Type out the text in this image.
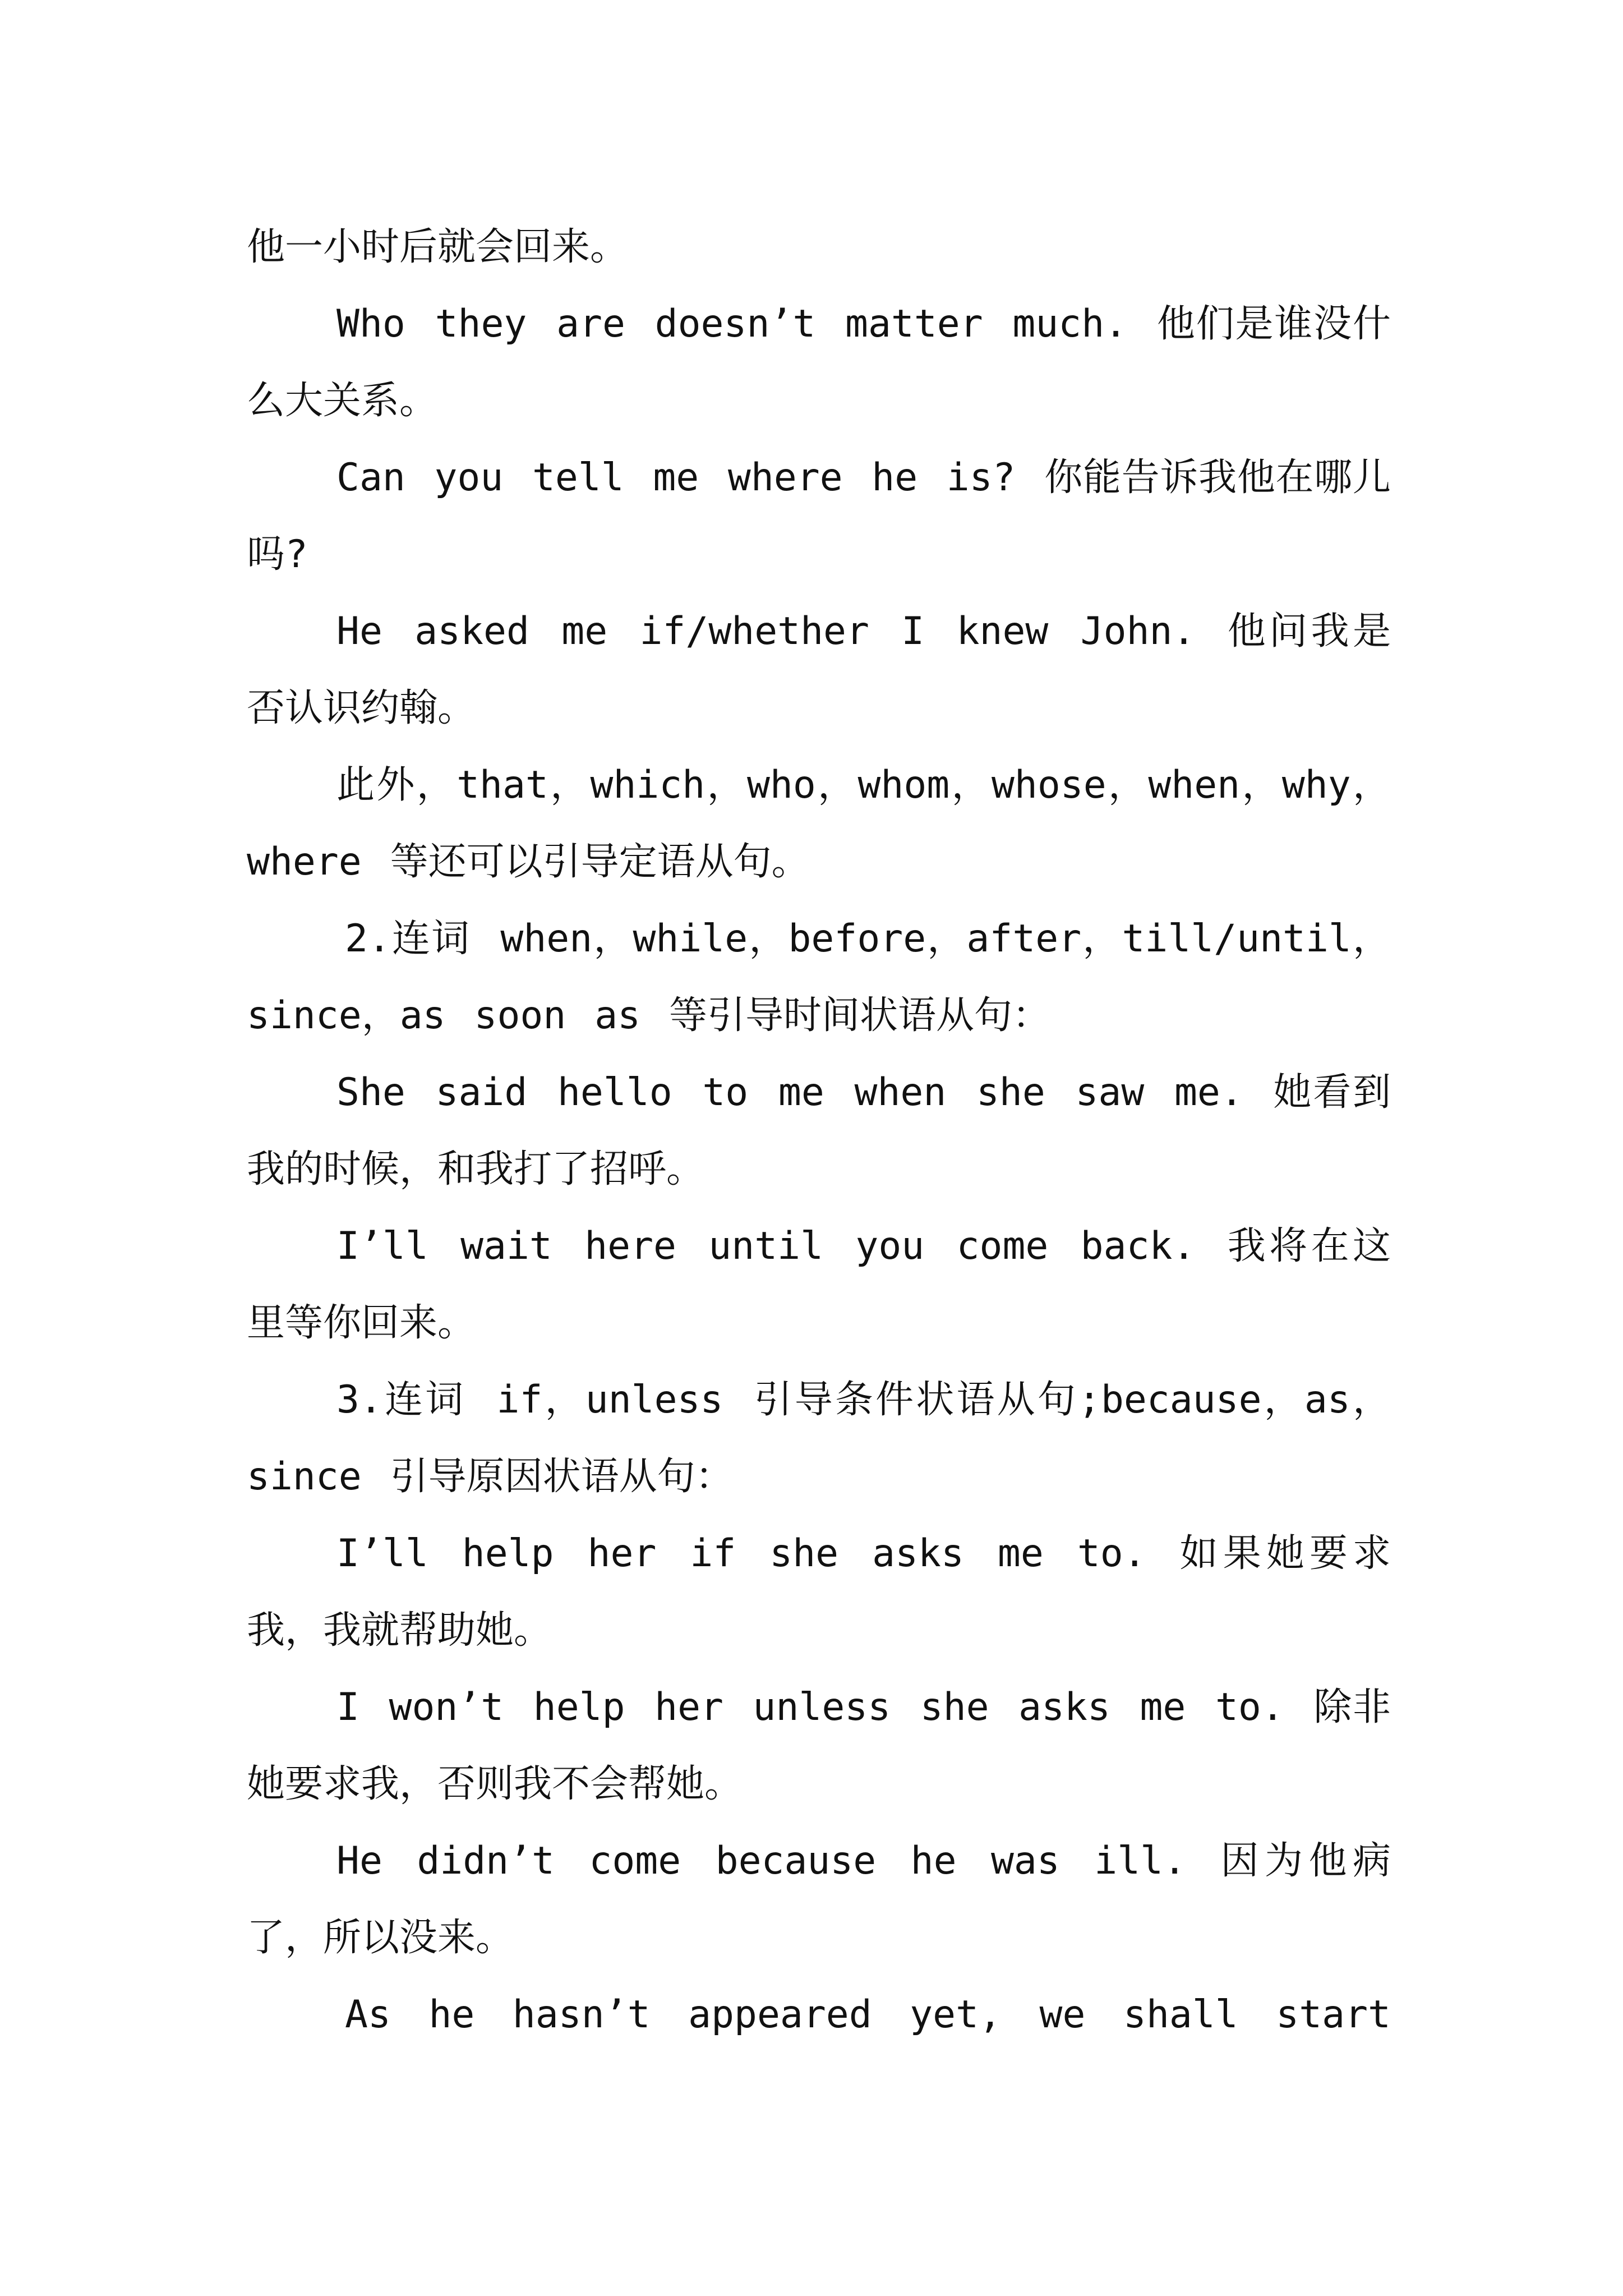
他一小时后就会回来。

Who they are doesn’t matter much. 他们是谁没什么大关系。

Can you tell me where he is? 你能告诉我他在哪儿吗?

He asked me if/whether I knew John. 他问我是否认识约翰。

此外，that，which，who，whom，whose，when，why，where 等还可以引导定语从句。

2.连词 when，while，before，after，till/until，since，as soon as 等引导时间状语从句：

She said hello to me when she saw me. 她看到我的时候，和我打了招呼。

I’ll wait here until you come back. 我将在这里等你回来。

3.连词 if，unless 引导条件状语从句;because，as，since 引导原因状语从句：

I’ll help her if she asks me to. 如果她要求我，我就帮助她。

I won’t help her unless she asks me to. 除非她要求我，否则我不会帮她。

He didn’t come because he was ill. 因为他病了，所以没来。

As he hasn’t appeared yet, we shall start
